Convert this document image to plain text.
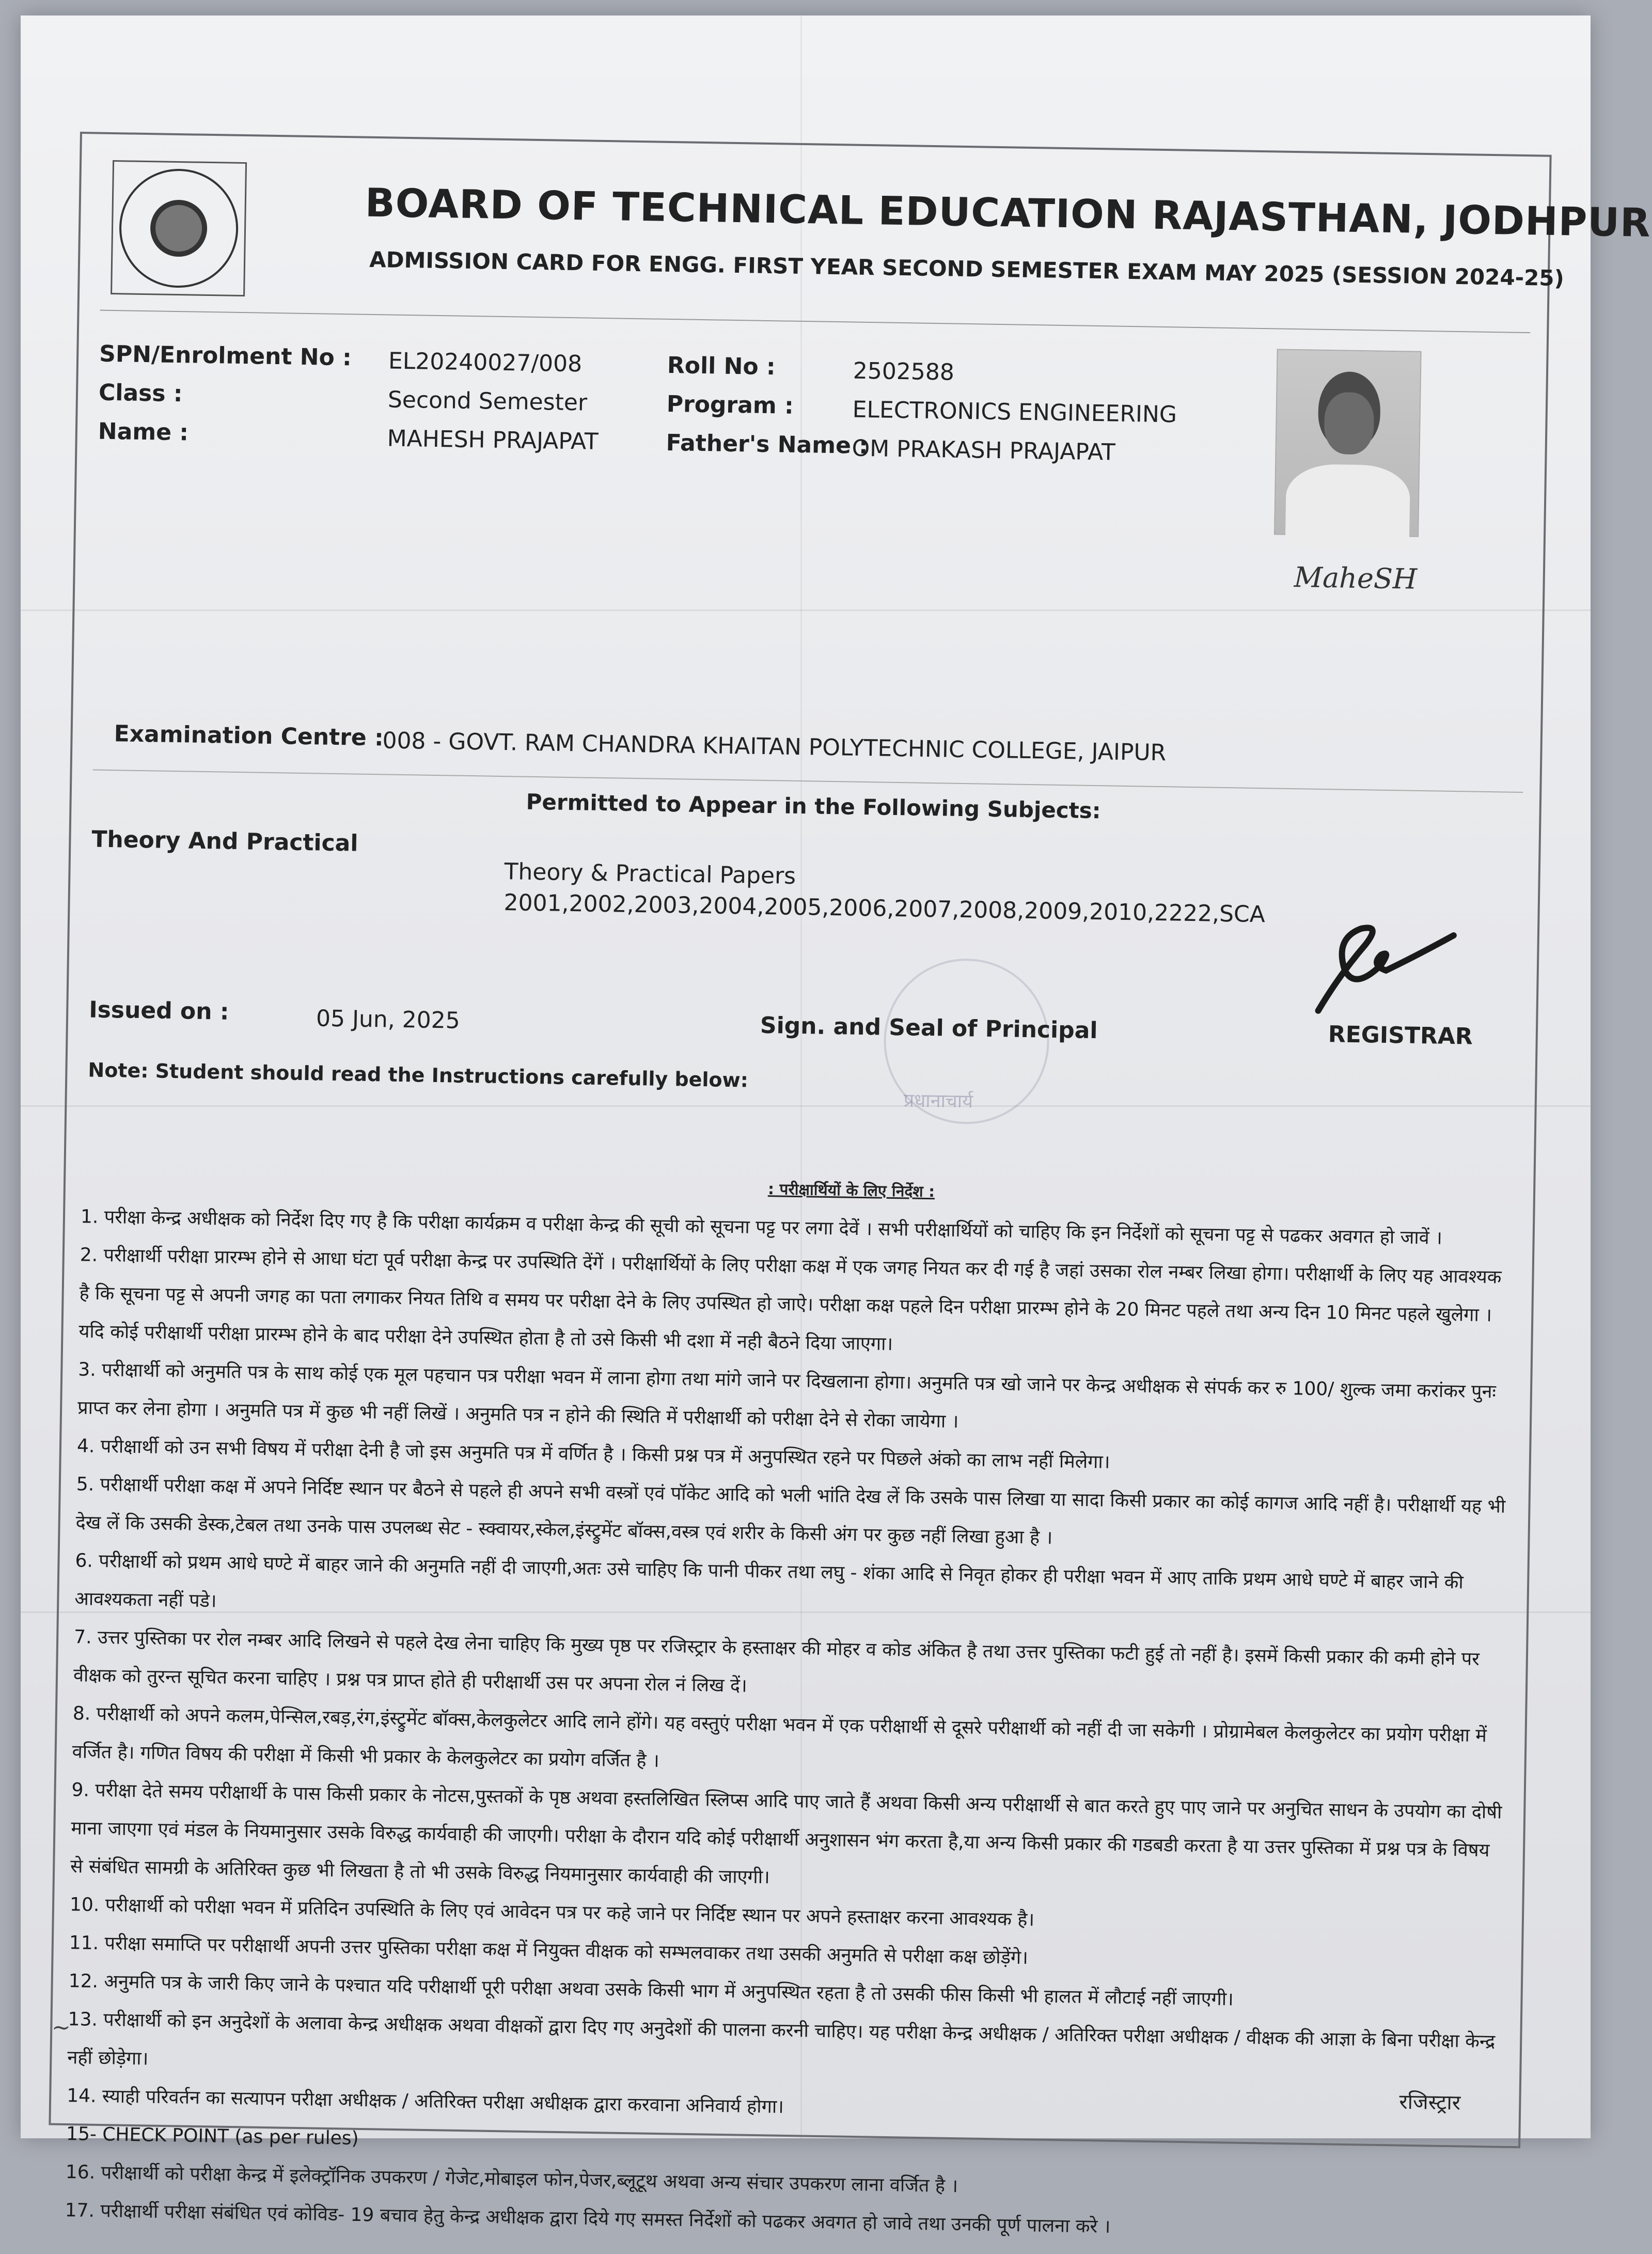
BOARD OF TECHNICAL EDUCATION RAJASTHAN, JODHPUR
ADMISSION CARD FOR ENGG. FIRST YEAR SECOND SEMESTER EXAM MAY 2025 (SESSION 2024-25)
SPN/Enrolment No : EL20240027/008
Class :	Second Semester
Name :	MAHESH PRAJAPAT
Roll No :	2502588
Program :	ELECTRONICS ENGINEERING
Father's Name :
OM PRAKASH PRAJAPAT
MaheSH
Examination Centre :
008 - GOVT. RAM CHANDRA KHAITAN POLYTECHNIC COLLEGE, JAIPUR
Permitted to Appear in the Following Subjects:
Theory And Practical
Theory & Practical Papers
2001,2002,2003,2004,2005,2006,2007,2008,2009,2010,2222,SCA
प्रधानाचार्य
Issued on :	05 Jun, 2025	Sign. and Seal of Principal	REGISTRAR
Note: Student should read the Instructions carefully below:
: परीक्षार्थियों के लिए निर्देश :

1. परीक्षा केन्द्र अधीक्षक को निर्देश दिए गए है कि परीक्षा कार्यक्रम व परीक्षा केन्द्र की सूची को सूचना पट्ट पर लगा देवें । सभी परीक्षार्थियों को चाहिए कि इन निर्देशों को सूचना पट्ट से पढकर अवगत हो जावें ।

2. परीक्षार्थी परीक्षा प्रारम्भ होने से आधा घंटा पूर्व परीक्षा केन्द्र पर उपस्थिति देंगें । परीक्षार्थियों के लिए परीक्षा कक्ष में एक जगह नियत कर दी गई है जहां उसका रोल नम्बर लिखा होगा। परीक्षार्थी के लिए यह आवश्यक है कि सूचना पट्ट से अपनी जगह का पता लगाकर नियत तिथि व समय पर परीक्षा देने के लिए उपस्थित हो जाऐ। परीक्षा कक्ष पहले दिन परीक्षा प्रारम्भ होने के 20 मिनट पहले तथा अन्य दिन 10 मिनट पहले खुलेगा । यदि कोई परीक्षार्थी परीक्षा प्रारम्भ होने के बाद परीक्षा देने उपस्थित होता है तो उसे किसी भी दशा में नही बैठने दिया जाएगा।

3. परीक्षार्थी को अनुमति पत्र के साथ कोई एक मूल पहचान पत्र परीक्षा भवन में लाना होगा तथा मांगे जाने पर दिखलाना होगा। अनुमति पत्र खो जाने पर केन्द्र अधीक्षक से संपर्क कर रु 100/ शुल्क जमा करांकर पुनः प्राप्त कर लेना होगा । अनुमति पत्र में कुछ भी नहीं लिखें । अनुमति पत्र न होने की स्थिति में परीक्षार्थी को परीक्षा देने से रोका जायेगा ।

4. परीक्षार्थी को उन सभी विषय में परीक्षा देनी है जो इस अनुमति पत्र में वर्णित है । किसी प्रश्न पत्र में अनुपस्थित रहने पर पिछले अंको का लाभ नहीं मिलेगा।

5. परीक्षार्थी परीक्षा कक्ष में अपने निर्दिष्ट स्थान पर बैठने से पहले ही अपने सभी वस्त्रों एवं पॉकेट आदि को भली भांति देख लें कि उसके पास लिखा या सादा किसी प्रकार का कोई कागज आदि नहीं है। परीक्षार्थी यह भी देख लें कि उसकी डेस्क,टेबल तथा उनके पास उपलब्ध सेट - स्क्वायर,स्केल,इंस्ट्रुमेंट बॉक्स,वस्त्र एवं शरीर के किसी अंग पर कुछ नहीं लिखा हुआ है ।

6. परीक्षार्थी को प्रथम आधे घण्टे में बाहर जाने की अनुमति नहीं दी जाएगी,अतः उसे चाहिए कि पानी पीकर तथा लघु - शंका आदि से निवृत होकर ही परीक्षा भवन में आए ताकि प्रथम आधे घण्टे में बाहर जाने की आवश्यकता नहीं पडे।

7. उत्तर पुस्तिका पर रोल नम्बर आदि लिखने से पहले देख लेना चाहिए कि मुख्य पृष्ठ पर रजिस्ट्रार के हस्ताक्षर की मोहर व कोड अंकित है तथा उत्तर पुस्तिका फटी हुई तो नहीं है। इसमें किसी प्रकार की कमी होने पर वीक्षक को तुरन्त सूचित करना चाहिए । प्रश्न पत्र प्राप्त होते ही परीक्षार्थी उस पर अपना रोल नं लिख दें।

8. परीक्षार्थी को अपने कलम,पेन्सिल,रबड़,रंग,इंस्ट्रुमेंट बॉक्स,केलकुलेटर आदि लाने होंगे। यह वस्तुएं परीक्षा भवन में एक परीक्षार्थी से दूसरे परीक्षार्थी को नहीं दी जा सकेगी । प्रोग्रामेबल केलकुलेटर का प्रयोग परीक्षा में वर्जित है। गणित विषय की परीक्षा में किसी भी प्रकार के केलकुलेटर का प्रयोग वर्जित है ।

9. परीक्षा देते समय परीक्षार्थी के पास किसी प्रकार के नोटस,पुस्तकों के पृष्ठ अथवा हस्तलिखित स्लिप्स आदि पाए जाते हैं अथवा किसी अन्य परीक्षार्थी से बात करते हुए पाए जाने पर अनुचित साधन के उपयोग का दोषी माना जाएगा एवं मंडल के नियमानुसार उसके विरुद्ध कार्यवाही की जाएगी। परीक्षा के दौरान यदि कोई परीक्षार्थी अनुशासन भंग करता है,या अन्य किसी प्रकार की गडबडी करता है या उत्तर पुस्तिका में प्रश्न पत्र के विषय से संबंधित सामग्री के अतिरिक्त कुछ भी लिखता है तो भी उसके विरुद्ध नियमानुसार कार्यवाही की जाएगी।

10. परीक्षार्थी को परीक्षा भवन में प्रतिदिन उपस्थिति के लिए एवं आवेदन पत्र पर कहे जाने पर निर्दिष्ट स्थान पर अपने हस्ताक्षर करना आवश्यक है।

11. परीक्षा समाप्ति पर परीक्षार्थी अपनी उत्तर पुस्तिका परीक्षा कक्ष में नियुक्त वीक्षक को सम्भलवाकर तथा उसकी अनुमति से परीक्षा कक्ष छोड़ेंगे।

12. अनुमति पत्र के जारी किए जाने के पश्चात यदि परीक्षार्थी पूरी परीक्षा अथवा उसके किसी भाग में अनुपस्थित रहता है तो उसकी फीस किसी भी हालत में लौटाई नहीं जाएगी।

13. परीक्षार्थी को इन अनुदेशों के अलावा केन्द्र अधीक्षक अथवा वीक्षकों द्वारा दिए गए अनुदेशों की पालना करनी चाहिए। यह परीक्षा केन्द्र अधीक्षक / अतिरिक्त परीक्षा अधीक्षक / वीक्षक की आज्ञा के बिना परीक्षा केन्द्र नहीं छोड़ेगा।

14. स्याही परिवर्तन का सत्यापन परीक्षा अधीक्षक / अतिरिक्त परीक्षा अधीक्षक द्वारा करवाना अनिवार्य होगा।

15- CHECK POINT (as per rules)

16. परीक्षार्थी को परीक्षा केन्द्र में इलेक्ट्रॉनिक उपकरण / गेजेट,मोबाइल फोन,पेजर,ब्लूटूथ अथवा अन्य संचार उपकरण लाना वर्जित है ।

17. परीक्षार्थी परीक्षा संबंधित एवं कोविड- 19 बचाव हेतु केन्द्र अधीक्षक द्वारा दिये गए समस्त निर्देशों को पढकर अवगत हो जावे तथा उनकी पूर्ण पालना करे ।

रजिस्ट्रार
~
